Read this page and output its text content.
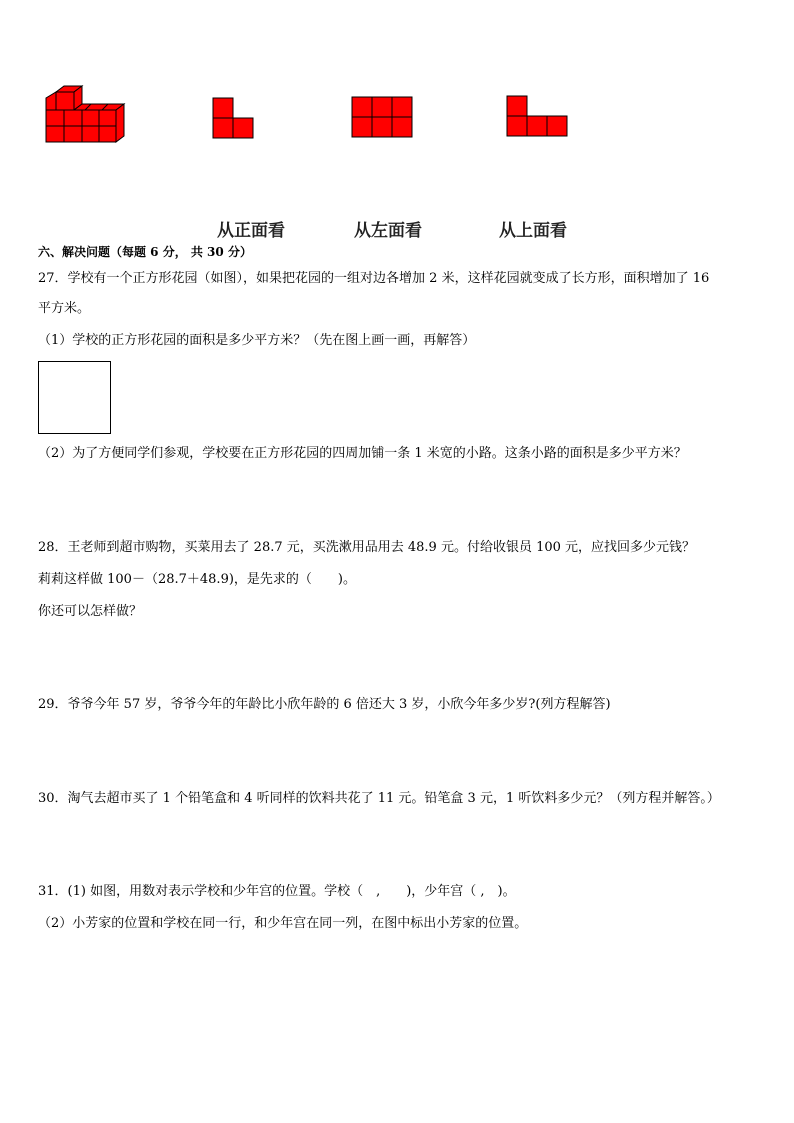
从正面看	从左面看	从上面看
六、解决问题（每题 6 分， 共 30 分）
27．学校有一个正方形花园（如图），如果把花园的一组对边各增加 2 米，这样花园就变成了长方形，面积增加了 16
平方米。
（1）学校的正方形花园的面积是多少平方米？（先在图上画一画，再解答）
（2）为了方便同学们参观，学校要在正方形花园的四周加铺一条 1 米宽的小路。这条小路的面积是多少平方米？
28．王老师到超市购物，买菜用去了 28.7 元，买洗漱用品用去 48.9 元。付给收银员 100 元，应找回多少元钱？
莉莉这样做 100－（28.7＋48.9)，是先求的（　　)。
你还可以怎样做？
29．爷爷今年 57 岁，爷爷今年的年龄比小欣年龄的 6 倍还大 3 岁，小欣今年多少岁?(列方程解答)
30．淘气去超市买了 1 个铅笔盒和 4 听同样的饮料共花了 11 元。铅笔盒 3 元，1 听饮料多少元？（列方程并解答。）
31．(1) 如图，用数对表示学校和少年宫的位置。学校（　,　　)，少年宫（ ,　)。
（2）小芳家的位置和学校在同一行，和少年宫在同一列，在图中标出小芳家的位置。
